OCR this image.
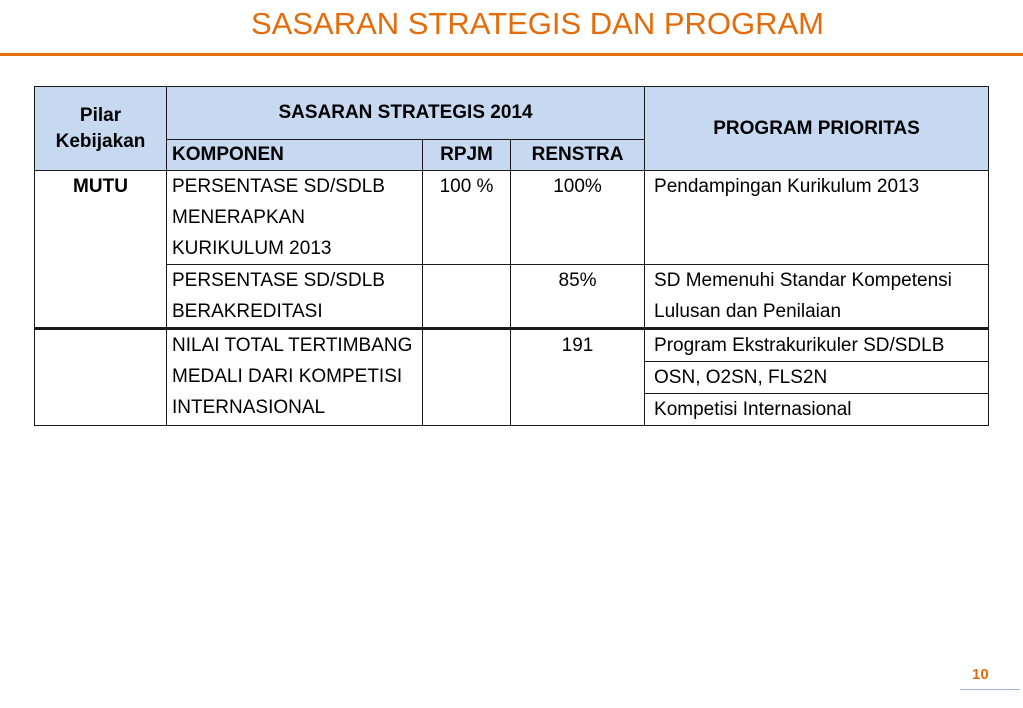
SASARAN STRATEGIS DAN PROGRAM
Pilar Kebijakan	SASARAN STRATEGIS 2014			PROGRAM PRIORITAS
	KOMPONEN	RPJM	RENSTRA	
MUTU	PERSENTASE SD/SDLB MENERAPKAN KURIKULUM 2013	100 %	100%	Pendampingan Kurikulum 2013
	PERSENTASE SD/SDLB BERAKREDITASI		85%	SD Memenuhi Standar Kompetensi Lulusan dan Penilaian
	NILAI TOTAL TERTIMBANG MEDALI DARI KOMPETISI INTERNASIONAL		191	Program Ekstrakurikuler SD/SDLB
				OSN, O2SN, FLS2N
				Kompetisi Internasional
10
